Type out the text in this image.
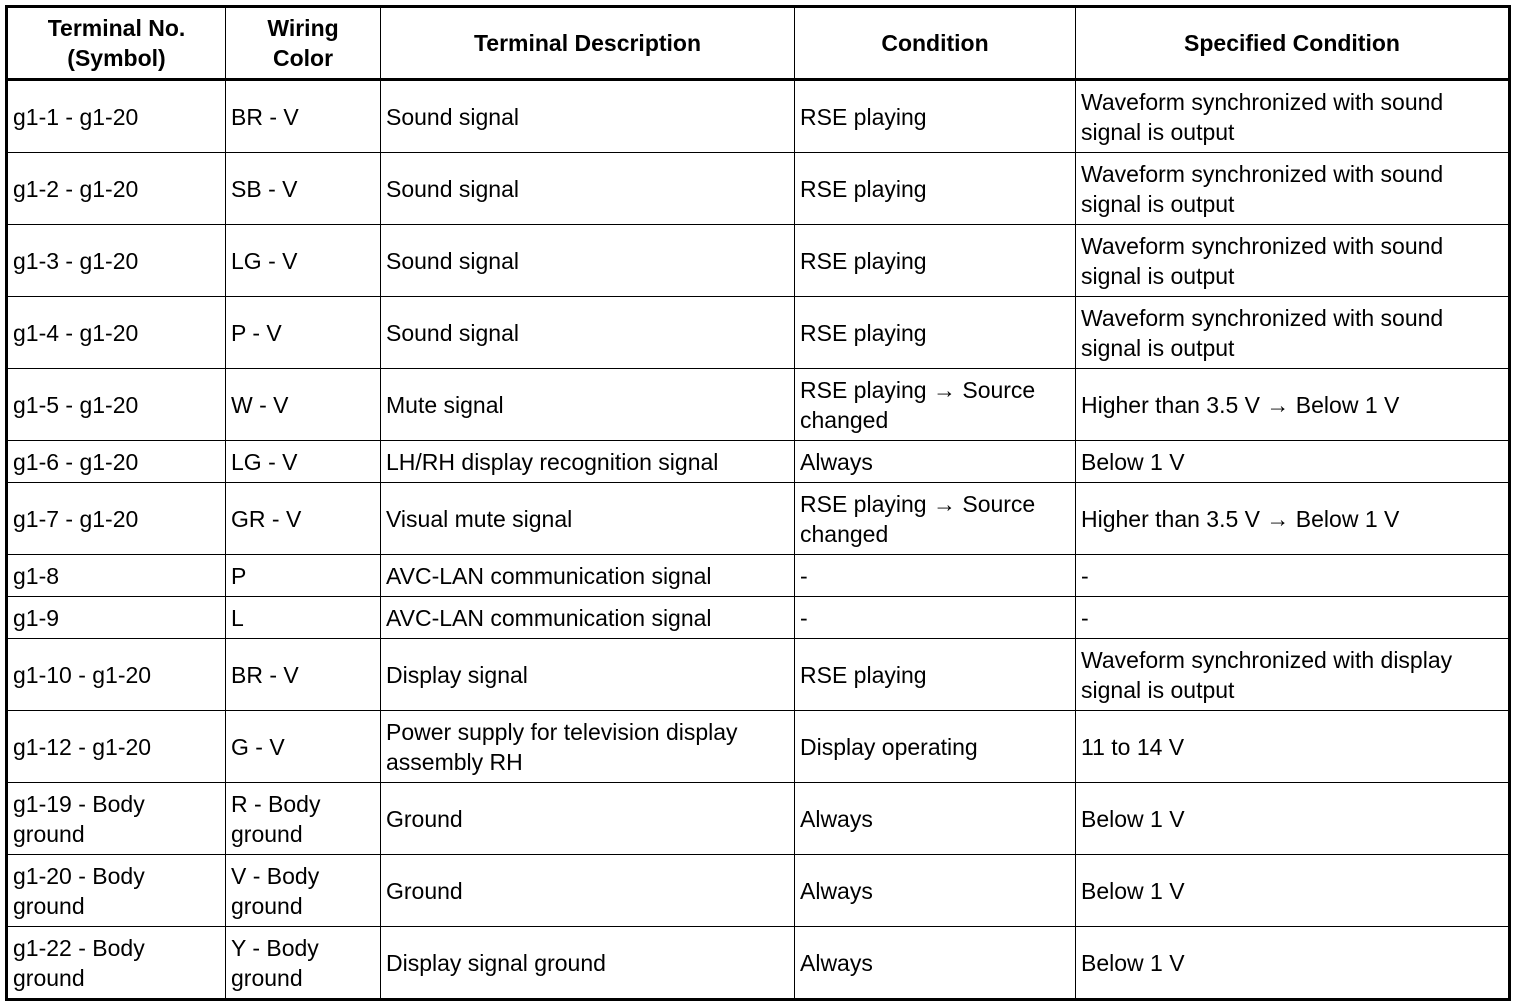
Terminal No.
(Symbol)	Wiring
Color	Terminal Description	Condition	Specified Condition

g1-1 - g1-20	BR - V	Sound signal	RSE playing	Waveform synchronized with sound
signal is output

g1-2 - g1-20	SB - V	Sound signal	RSE playing	Waveform synchronized with sound
signal is output

g1-3 - g1-20	LG - V	Sound signal	RSE playing	Waveform synchronized with sound
signal is output

g1-4 - g1-20	P - V	Sound signal	RSE playing	Waveform synchronized with sound
signal is output

g1-5 - g1-20	W - V	Mute signal	RSE playing → Source
changed	Higher than 3.5 V → Below 1 V

g1-6 - g1-20	LG - V	LH/RH display recognition signal	Always	Below 1 V

g1-7 - g1-20	GR - V	Visual mute signal	RSE playing → Source
changed	Higher than 3.5 V → Below 1 V

g1-8	P	AVC-LAN communication signal	-	-

g1-9	L	AVC-LAN communication signal	-	-

g1-10 - g1-20	BR - V	Display signal	RSE playing	Waveform synchronized with display
signal is output

g1-12 - g1-20	G - V	Power supply for television display
assembly RH	Display operating	11 to 14 V

g1-19 - Body
ground	R - Body
ground	Ground	Always	Below 1 V

g1-20 - Body
ground	V - Body
ground	Ground	Always	Below 1 V

g1-22 - Body
ground	Y - Body
ground	Display signal ground	Always	Below 1 V
